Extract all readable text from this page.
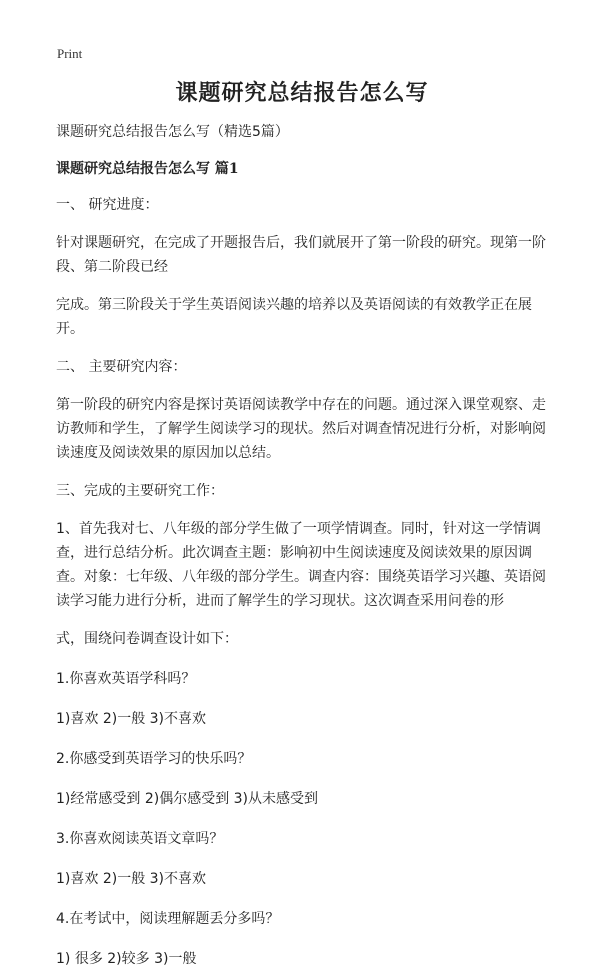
Print
课题研究总结报告怎么写
课题研究总结报告怎么写（精选5篇）
课题研究总结报告怎么写 篇1
一、 研究进度：
针对课题研究，在完成了开题报告后，我们就展开了第一阶段的研究。现第一阶段、第二阶段已经
完成。第三阶段关于学生英语阅读兴趣的培养以及英语阅读的有效教学正在展开。
二、 主要研究内容：
第一阶段的研究内容是探讨英语阅读教学中存在的问题。通过深入课堂观察、走访教师和学生，了解学生阅读学习的现状。然后对调查情况进行分析，对影响阅读速度及阅读效果的原因加以总结。
三、完成的主要研究工作：
1、首先我对七、八年级的部分学生做了一项学情调查。同时，针对这一学情调查，进行总结分析。此次调查主题：影响初中生阅读速度及阅读效果的原因调查。对象：七年级、八年级的部分学生。调查内容：围绕英语学习兴趣、英语阅读学习能力进行分析，进而了解学生的学习现状。这次调查采用问卷的形
式，围绕问卷调查设计如下：
1.你喜欢英语学科吗？
1)喜欢 2)一般 3)不喜欢
2.你感受到英语学习的快乐吗？
1)经常感受到 2)偶尔感受到 3)从未感受到
3.你喜欢阅读英语文章吗？
1)喜欢 2)一般 3)不喜欢
4.在考试中，阅读理解题丢分多吗？
1) 很多 2)较多 3)一般
